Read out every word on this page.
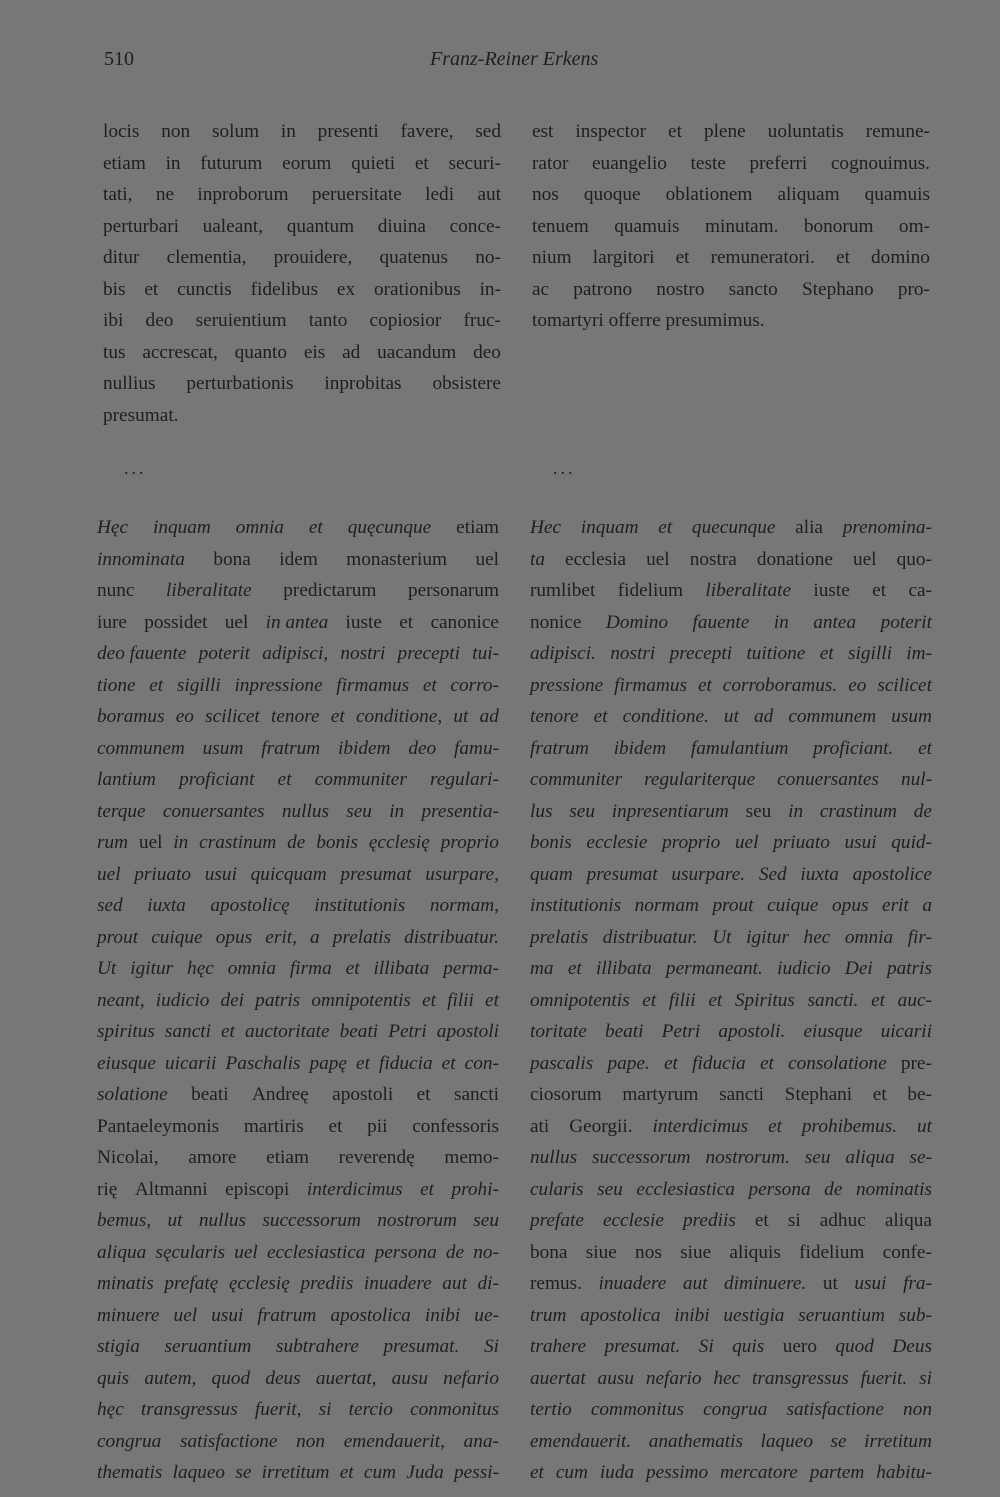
510	Franz-Reiner Erkens
locis non solum in presenti favere, sed
etiam in futurum eorum quieti et securi-
tati, ne inproborum peruersitate ledi aut
perturbari ualeant, quantum diuina conce-
ditur clementia, prouidere, quatenus no-
bis et cunctis fidelibus ex orationibus in-
ibi deo seruientium tanto copiosior fruc-
tus accrescat, quanto eis ad uacandum deo
nullius perturbationis inprobitas obsistere
presumat.
est inspector et plene uoluntatis remune-
rator euangelio teste preferri cognouimus.
nos quoque oblationem aliquam quamuis
tenuem quamuis minutam. bonorum om-
nium largitori et remuneratori. et domino
ac patrono nostro sancto Stephano pro-
tomartyri offerre presumimus.
...	...
Hęc inquam omnia et quęcunque etiam
innominata bona idem monasterium uel
nunc liberalitate predictarum personarum
iure possidet uel in antea iuste et canonice
deo fauente poterit adipisci, nostri precepti tui-
tione et sigilli inpressione firmamus et corro-
boramus eo scilicet tenore et conditione, ut ad
communem usum fratrum ibidem deo famu-
lantium proficiant et communiter regulari-
terque conuersantes nullus seu in presentia-
rum uel in crastinum de bonis ęcclesię proprio
uel priuato usui quicquam presumat usurpare,
sed iuxta apostolicę institutionis normam,
prout cuique opus erit, a prelatis distribuatur.
Ut igitur hęc omnia firma et illibata perma-
neant, iudicio dei patris omnipotentis et filii et
spiritus sancti et auctoritate beati Petri apostoli
eiusque uicarii Paschalis papę et fiducia et con-
solatione beati Andreę apostoli et sancti
Pantaeleymonis martiris et pii confessoris
Nicolai, amore etiam reverendę memo-
rię Altmanni episcopi interdicimus et prohi-
bemus, ut nullus successorum nostrorum seu
aliqua sęcularis uel ecclesiastica persona de no-
minatis prefatę ęcclesię prediis inuadere aut di-
minuere uel usui fratrum apostolica inibi ue-
stigia seruantium subtrahere presumat. Si
quis autem, quod deus auertat, ausu nefario
hęc transgressus fuerit, si tercio conmonitus
congrua satisfactione non emendauerit, ana-
thematis laqueo se irretitum et cum Juda pessi-
Hec inquam et quecunque alia prenomina-
ta ecclesia uel nostra donatione uel quo-
rumlibet fidelium liberalitate iuste et ca-
nonice Domino fauente in antea poterit
adipisci. nostri precepti tuitione et sigilli im-
pressione firmamus et corroboramus. eo scilicet
tenore et conditione. ut ad communem usum
fratrum ibidem famulantium proficiant. et
communiter regulariterque conuersantes nul-
lus seu inpresentiarum seu in crastinum de
bonis ecclesie proprio uel priuato usui quid-
quam presumat usurpare. Sed iuxta apostolice
institutionis normam prout cuique opus erit a
prelatis distribuatur. Ut igitur hec omnia fir-
ma et illibata permaneant. iudicio Dei patris
omnipotentis et filii et Spiritus sancti. et auc-
toritate beati Petri apostoli. eiusque uicarii
pascalis pape. et fiducia et consolatione pre-
ciosorum martyrum sancti Stephani et be-
ati Georgii. interdicimus et prohibemus. ut
nullus successorum nostrorum. seu aliqua se-
cularis seu ecclesiastica persona de nominatis
prefate ecclesie prediis et si adhuc aliqua
bona siue nos siue aliquis fidelium confe-
remus. inuadere aut diminuere. ut usui fra-
trum apostolica inibi uestigia seruantium sub-
trahere presumat. Si quis uero quod Deus
auertat ausu nefario hec transgressus fuerit. si
tertio commonitus congrua satisfactione non
emendauerit. anathematis laqueo se irretitum
et cum iuda pessimo mercatore partem habitu-
